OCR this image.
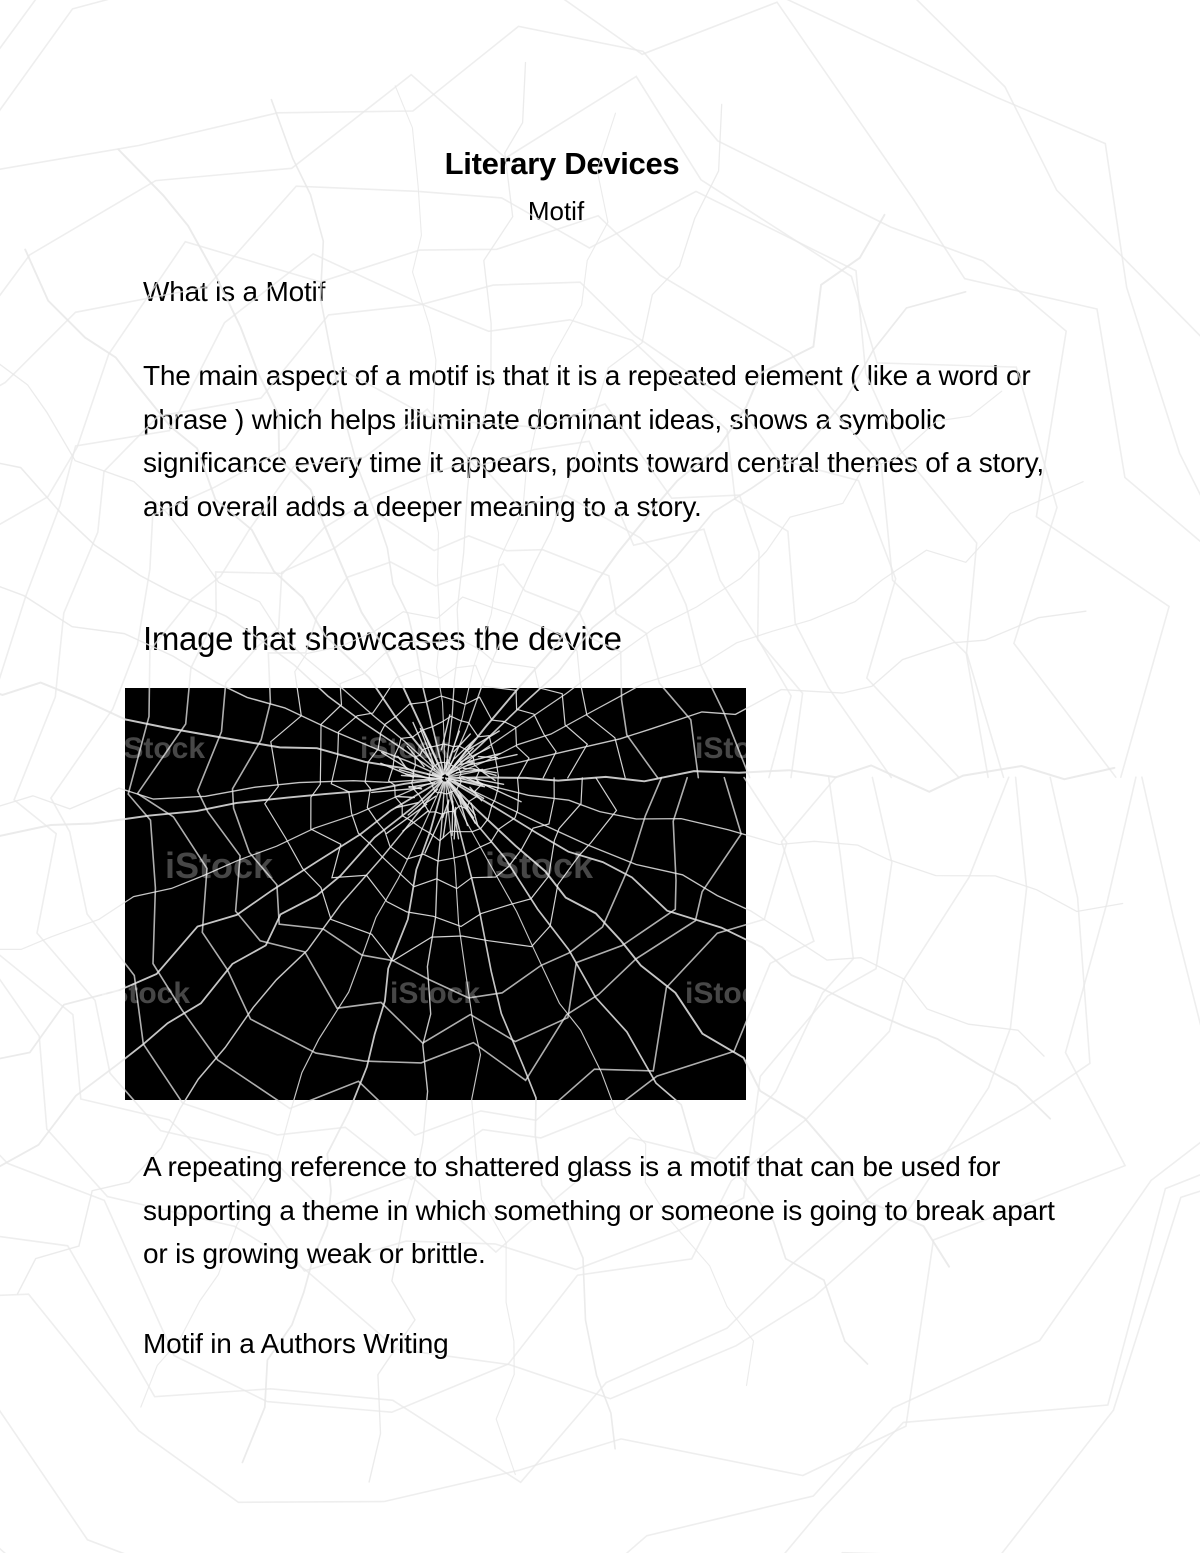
Literary Devices
Motif
What is a Motif
The main aspect of a motif is that it is a repeated element ( like a word or phrase ) which helps illuminate dominant ideas, shows a symbolic significance every time it appears, points toward central themes of a story, and overall adds a deeper meaning to a story.
Image that showcases the device
iStock	iStock	iStock
iStock	iStock
iStock	iStock	iStock
A repeating reference to shattered glass is a motif that can be used for supporting a theme in which something or someone is going to break apart or is growing weak or brittle.
Motif in a Authors Writing
